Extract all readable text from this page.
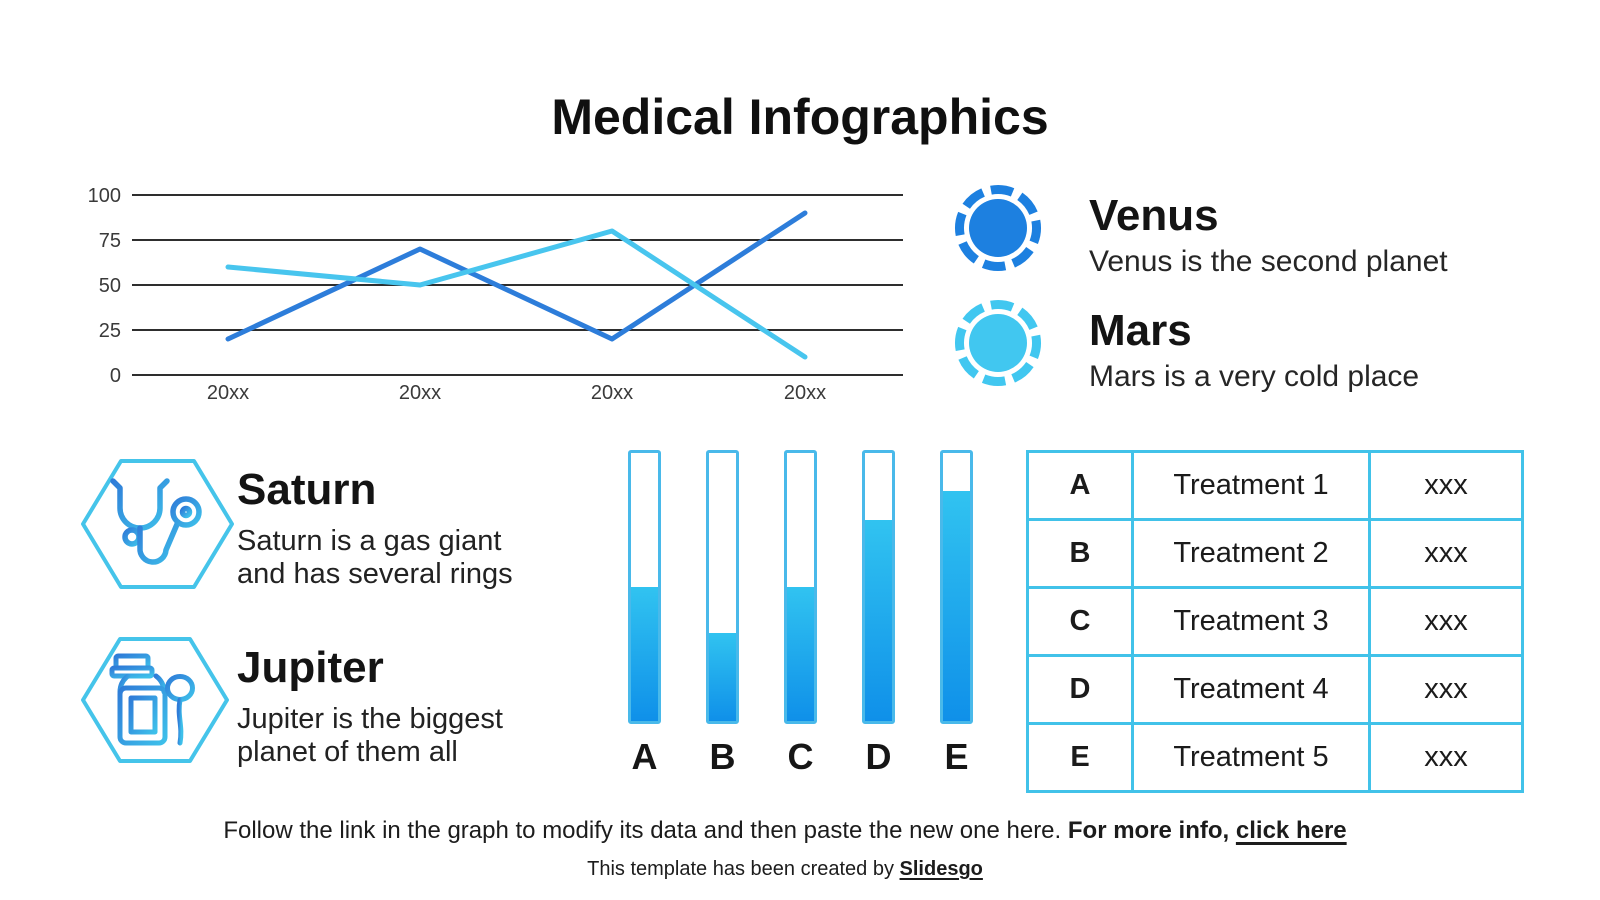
Medical Infographics
100
75
50
25
0
20xx	20xx	20xx	20xx
Venus
Venus is the second planet
Mars
Mars is a very cold place
Saturn
Saturn is a gas giant
and has several rings
Jupiter
Jupiter is the biggest
planet of them all	A	B	C	D	E
A	Treatment 1	xxx
B	Treatment 2	xxx
C	Treatment 3	xxx
D	Treatment 4	xxx
E	Treatment 5	xxx

Follow the link in the graph to modify its data and then paste the new one here. For more info, click here

This template has been created by Slidesgo
